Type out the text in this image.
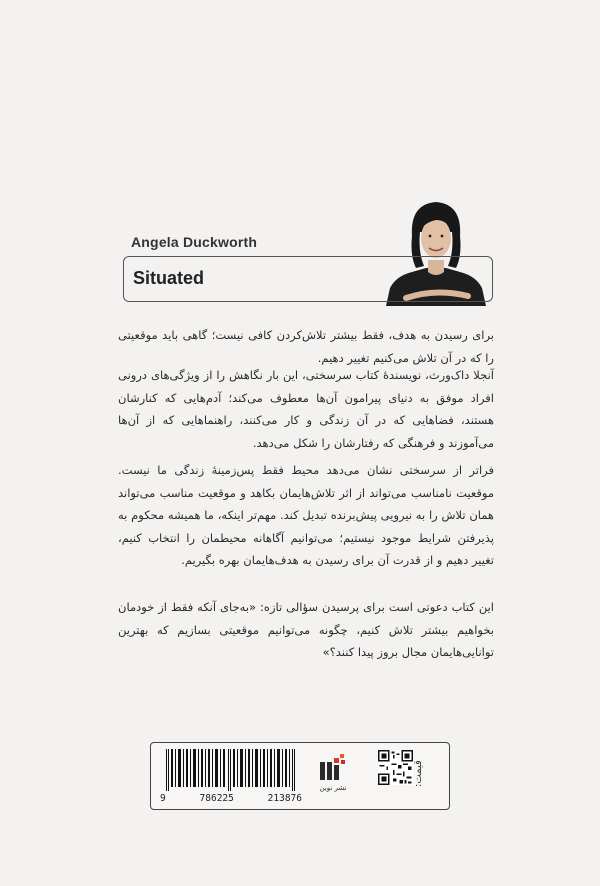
Angela Duckworth
Situated
برای رسیدن به هدف، فقط بیشتر تلاش‌کردن کافی نیست؛ گاهی باید موقعیتی را که در آن تلاش می‌کنیم تغییر دهیم.
آنجلا داک‌ورث، نویسندهٔ کتاب سرسختی، این بار نگاهش را از ویژگی‌های درونی افراد موفق به دنیای پیرامون آن‌ها معطوف می‌کند؛ آدم‌هایی که کنارشان هستند، فضاهایی که در آن زندگی و کار می‌کنند، راهنماهایی که از آن‌ها می‌آموزند و فرهنگی که رفتارشان را شکل می‌دهد.
فراتر از سرسختی نشان می‌دهد محیط فقط پس‌زمینهٔ زندگی ما نیست. موقعیت نامناسب می‌تواند از اثر تلاش‌هایمان بکاهد و موقعیت مناسب می‌تواند همان تلاش را به نیرویی پیش‌برنده تبدیل کند. مهم‌تر اینکه، ما همیشه محکوم به پذیرفتن شرایط موجود نیستیم؛ می‌توانیم آگاهانه محیطمان را انتخاب کنیم، تغییر دهیم و از قدرت آن برای رسیدن به هدف‌هایمان بهره بگیریم.
این کتاب دعوتی است برای پرسیدن سؤالی تازه: «به‌جای آنکه فقط از خودمان بخواهیم بیشتر تلاش کنیم، چگونه می‌توانیم موقعیتی بسازیم که بهترین توانایی‌هایمان مجال بروز پیدا کنند؟»
قیمت:
نشر نوین
9	786225	213876
